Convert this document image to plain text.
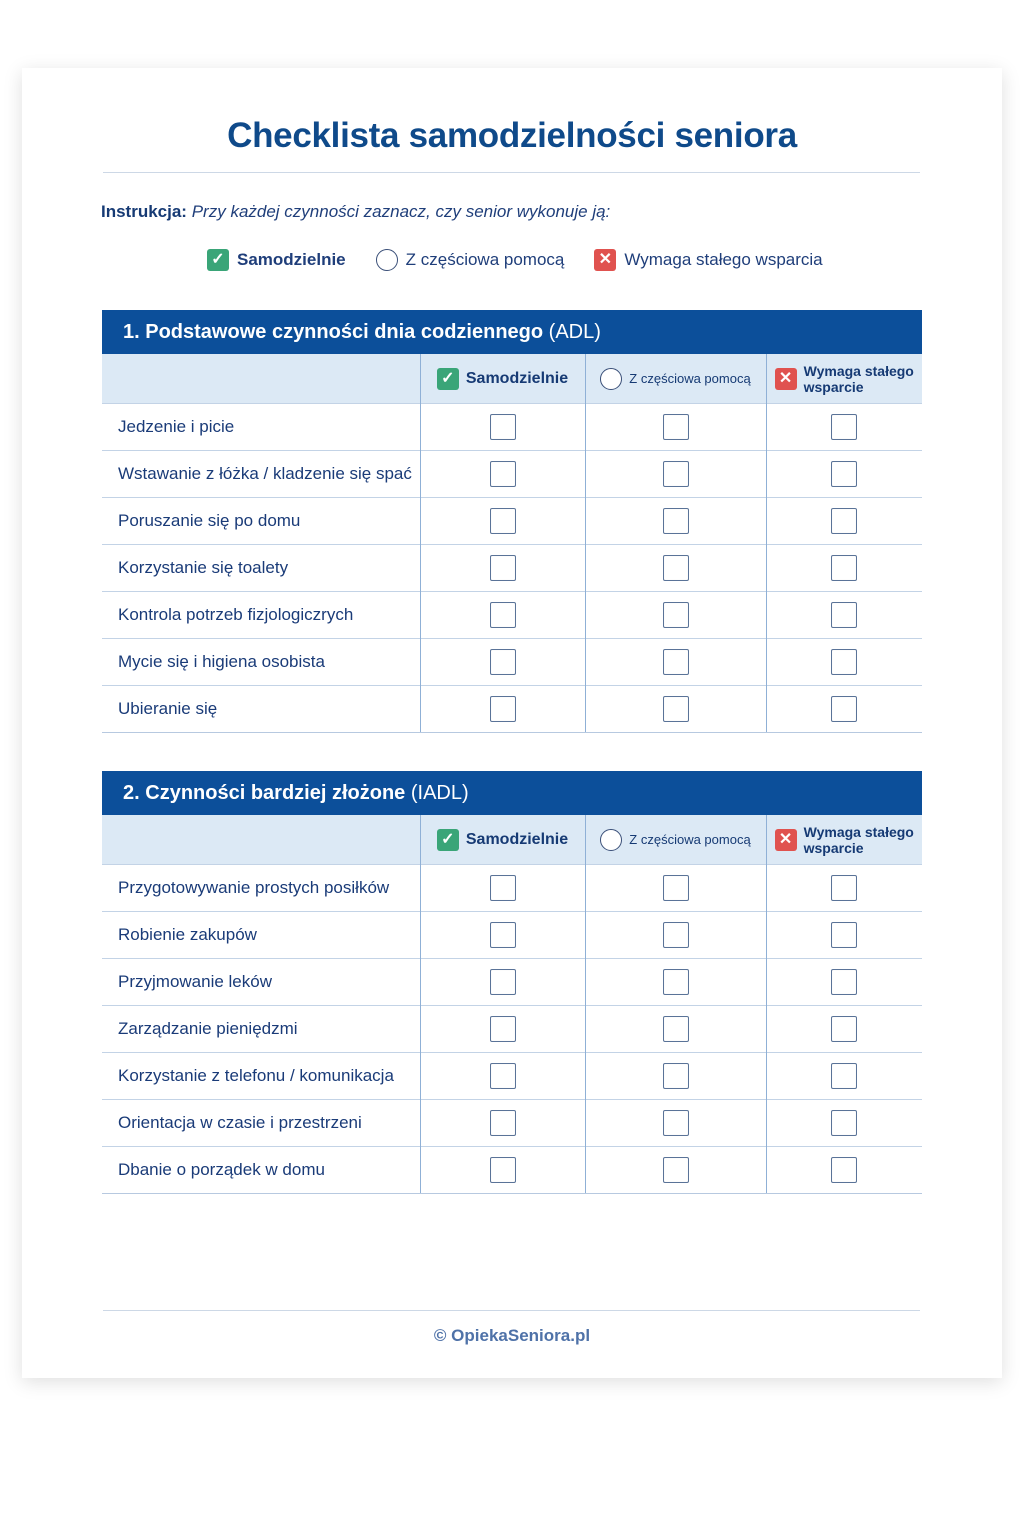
Checklista samodzielności seniora
Instrukcja: Przy każdej czynności zaznacz, czy senior wykonuje ją:
✓ Samodzielnie	Z częściowa pomocą ✕ Wymaga stałego wsparcia
1.
Podstawowe czynności dnia codziennego
(ADL)

✓ Samodzielnie	Z częściowa pomocą	✕ Wymaga stałego
wsparcie

Jedzenie i picie			
Wstawanie z łóżka / kladzenie się spać			
Poruszanie się po domu			
Korzystanie się toalety			
Kontrola potrzeb fizjologiczrych			
Mycie się i higiena osobista			
Ubieranie się			
2.
Czynności bardziej złożone
(IADL)

✓ Samodzielnie	Z częściowa pomocą	✕ Wymaga stałego
wsparcie

Przygotowywanie prostych posiłków			
Robienie zakupów			
Przyjmowanie leków			
Zarządzanie pieniędzmi			
Korzystanie z telefonu / komunikacja			
Orientacja w czasie i przestrzeni			
Dbanie o porządek w domu			
© OpiekaSeniora.pl
